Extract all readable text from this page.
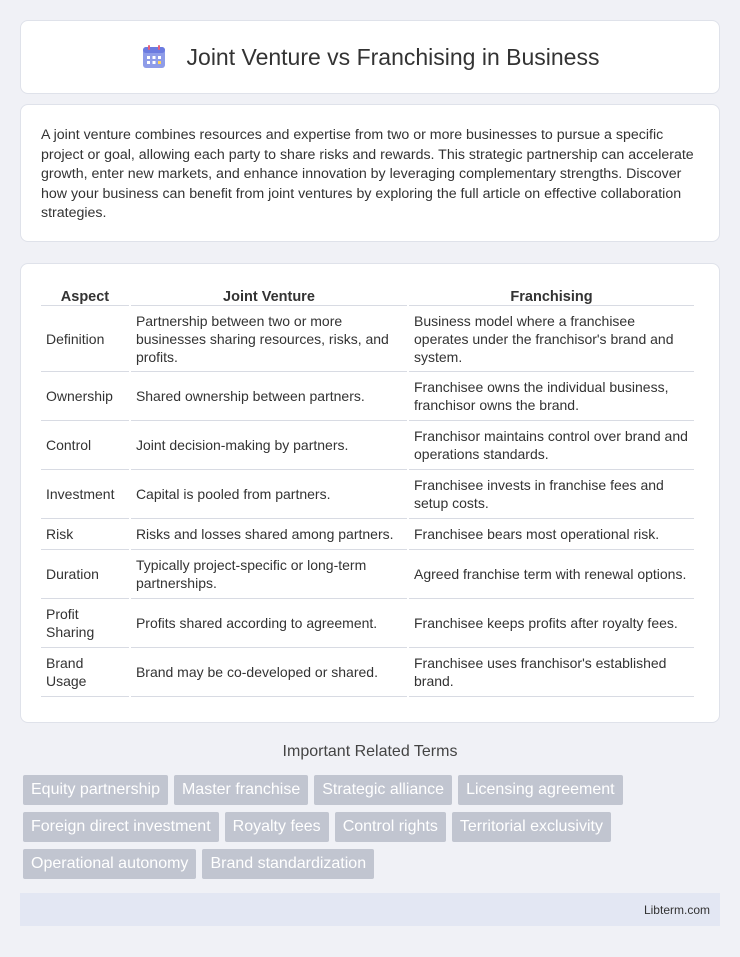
Joint Venture vs Franchising in Business

A joint venture combines resources and expertise from two or more businesses to pursue a specific project or goal, allowing each party to share risks and rewards. This strategic partnership can accelerate growth, enter new markets, and enhance innovation by leveraging complementary strengths. Discover how your business can benefit from joint ventures by exploring the full article on effective collaboration strategies.

Aspect	Joint Venture	Franchising
Definition	Partnership between two or more businesses sharing resources, risks, and profits.	Business model where a franchisee operates under the franchisor's brand and system.
Ownership	Shared ownership between partners.	Franchisee owns the individual business, franchisor owns the brand.
Control	Joint decision-making by partners.	Franchisor maintains control over brand and operations standards.
Investment	Capital is pooled from partners.	Franchisee invests in franchise fees and setup costs.
Risk	Risks and losses shared among partners.	Franchisee bears most operational risk.
Duration	Typically project-specific or long-term partnerships.	Agreed franchise term with renewal options.
Profit Sharing	Profits shared according to agreement.	Franchisee keeps profits after royalty fees.
Brand Usage	Brand may be co-developed or shared.	Franchisee uses franchisor's established brand.
Important Related Terms
Equity partnership	Master franchise	Strategic alliance	Licensing agreement
Foreign direct investment	Royalty fees	Control rights	Territorial exclusivity
Operational autonomy	Brand standardization
Libterm.com
